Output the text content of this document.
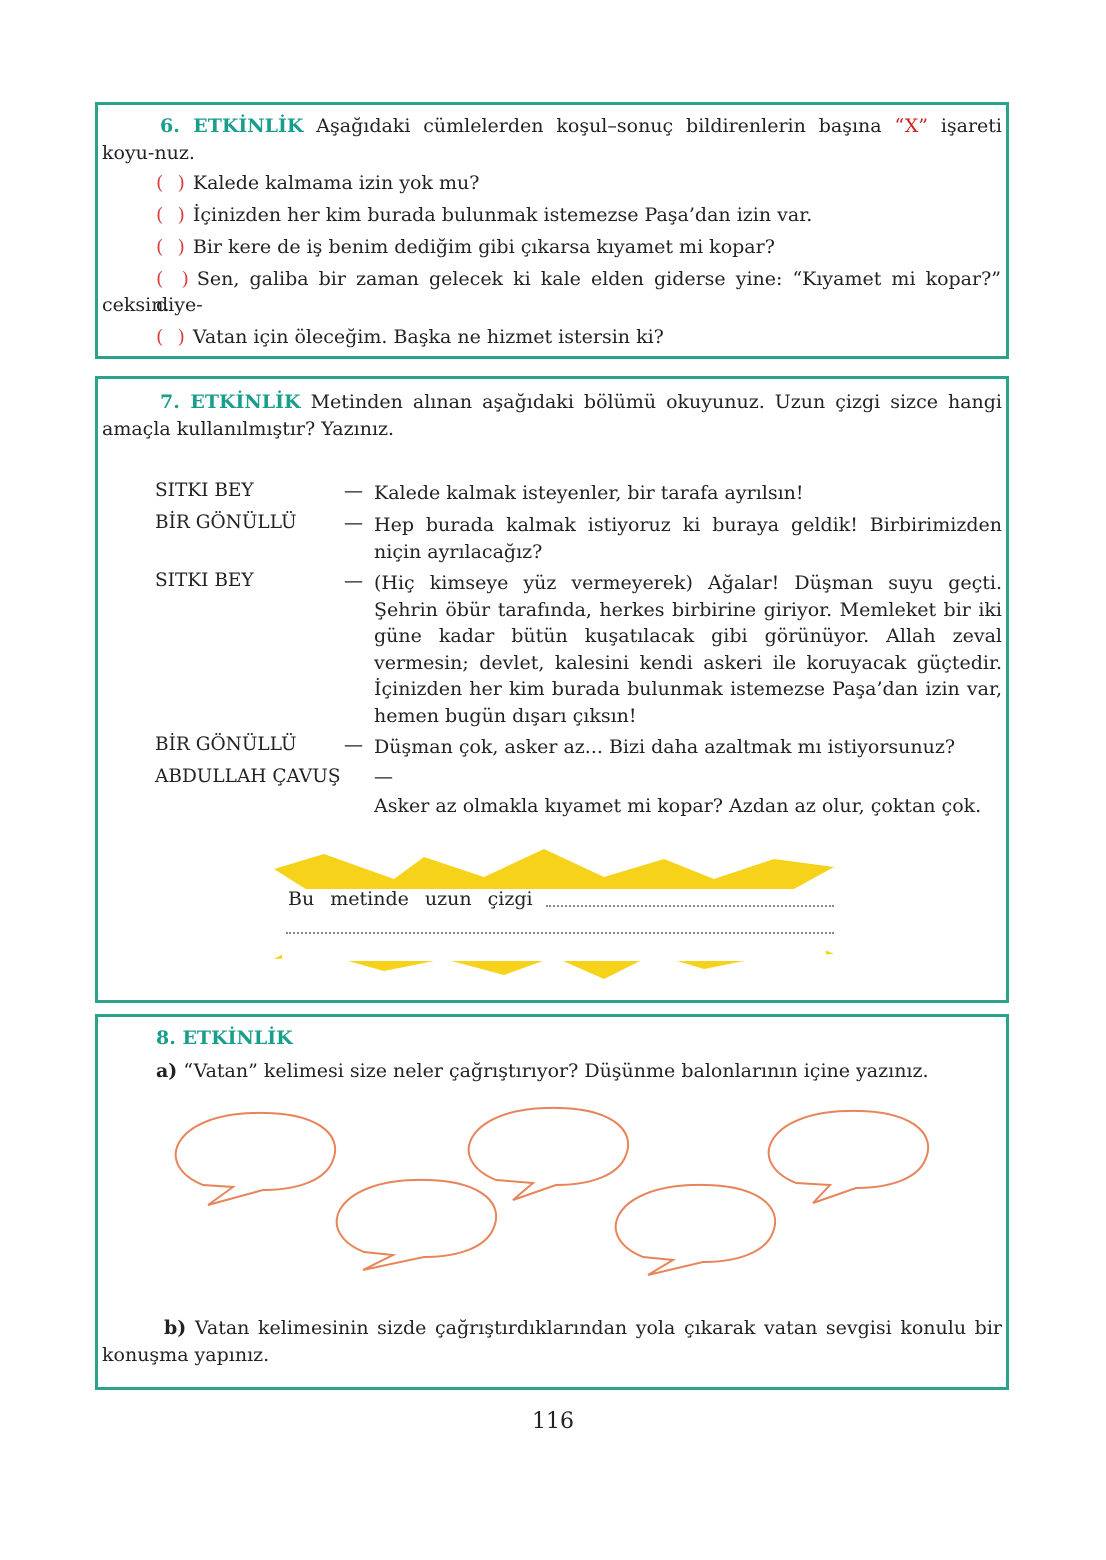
6. ETKİNLİK Aşağıdaki cümlelerden koşul–sonuç bildirenlerin başına “X” işareti koyu-nuz.
( ) Kalede kalmama izin yok mu?
( ) İçinizden her kim burada bulunmak istemezse Paşa’dan izin var.
( ) Bir kere de iş benim dediğim gibi çıkarsa kıyamet mi kopar?
( ) Sen, galiba bir zaman gelecek ki kale elden giderse yine: “Kıyamet mi kopar?” diye-
ceksin.
( ) Vatan için öleceğim. Başka ne hizmet istersin ki?
7. ETKİNLİK Metinden alınan aşağıdaki bölümü okuyunuz. Uzun çizgi sizce hangi amaçla kullanılmıştır? Yazınız.
SITKI BEY	— Kalede kalmak isteyenler, bir tarafa ayrılsın!
BİR GÖNÜLLÜ — Hep burada kalmak istiyoruz ki buraya geldik! Birbirimizden niçin ayrılacağız?
SITKI BEY	— (Hiç kimseye yüz vermeyerek) Ağalar! Düşman suyu geçti. Şehrin öbür tarafında, herkes birbirine giriyor. Memleket bir iki güne kadar bütün kuşatılacak gibi görünüyor. Allah zeval vermesin; devlet, kalesini kendi askeri ile koruyacak güçtedir. İçinizden her kim burada bulunmak istemezse Paşa’dan izin var, hemen bugün dışarı çıksın!
BİR GÖNÜLLÜ — Düşman çok, asker az... Bizi daha azaltmak mı istiyorsunuz?
ABDULLAH ÇAVUŞ —
Asker az olmakla kıyamet mi kopar? Azdan az olur, çoktan çok.
Bu metinde uzun çizgi
8. ETKİNLİK
a) “Vatan” kelimesi size neler çağrıştırıyor? Düşünme balonlarının içine yazınız.
b) Vatan kelimesinin sizde çağrıştırdıklarından yola çıkarak vatan sevgisi konulu bir konuşma yapınız.
116
